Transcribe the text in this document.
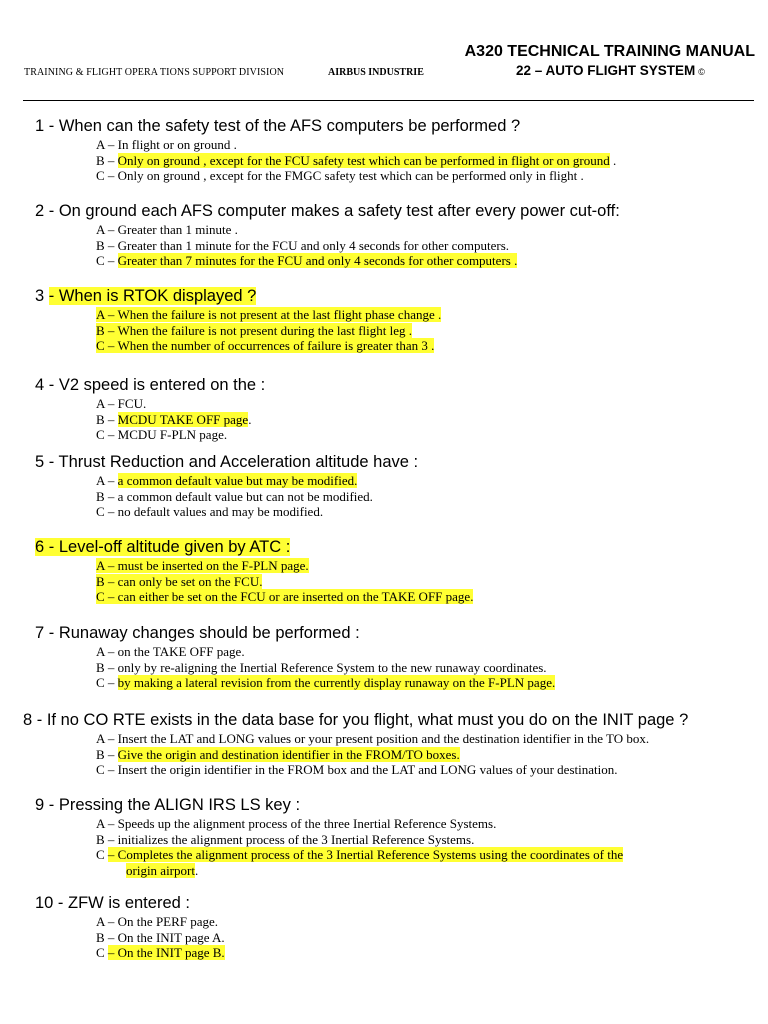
A320 TECHNICAL TRAINING MANUAL
TRAINING & FLIGHT OPERA TIONS SUPPORT DIVISION	AIRBUS INDUSTRIE	22 – AUTO FLIGHT SYSTEM ©
1 - When can the safety test of the AFS computers be performed ?
A – In flight or on ground .
B – Only on ground , except for the FCU safety test which can be performed in flight or on ground .
C – Only on ground , except for the FMGC safety test which can be performed only in flight .
2 - On ground each AFS computer makes a safety test after every power cut-off:
A – Greater than 1 minute .
B – Greater than 1 minute for the FCU and only 4 seconds for other computers.
C – Greater than 7 minutes for the FCU and only 4 seconds for other computers .
3 - When is RTOK displayed ?
A – When the failure is not present at the last flight phase change .
B – When the failure is not present during the last flight leg .
C – When the number of occurrences of failure is greater than 3 .
4 - V2 speed is entered on the :
A – FCU.
B – MCDU TAKE OFF page.
C – MCDU F-PLN page.
5 - Thrust Reduction and Acceleration altitude have :
A – a common default value but may be modified.
B – a common default value but can not be modified.
C – no default values and may be modified.
6 - Level-off altitude given by ATC :
A – must be inserted on the F-PLN page.
B – can only be set on the FCU.
C – can either be set on the FCU or are inserted on the TAKE OFF page.
7 - Runaway changes should be performed :
A – on the TAKE OFF page.
B – only by re-aligning the Inertial Reference System to the new runaway coordinates.
C – by making a lateral revision from the currently display runaway on the F-PLN page.
8 - If no CO RTE exists in the data base for you flight, what must you do on the INIT page ?
A – Insert the LAT and LONG values or your present position and the destination identifier in the TO box.
B – Give the origin and destination identifier in the FROM/TO boxes.
C – Insert the origin identifier in the FROM box and the LAT and LONG values of your destination.
9 - Pressing the ALIGN IRS LS key :
A – Speeds up the alignment process of the three Inertial Reference Systems.
B – initializes the alignment process of the 3 Inertial Reference Systems.
C – Completes the alignment process of the 3 Inertial Reference Systems using the coordinates of the
origin airport.
10 - ZFW is entered :
A – On the PERF page.
B – On the INIT page A.
C – On the INIT page B.
